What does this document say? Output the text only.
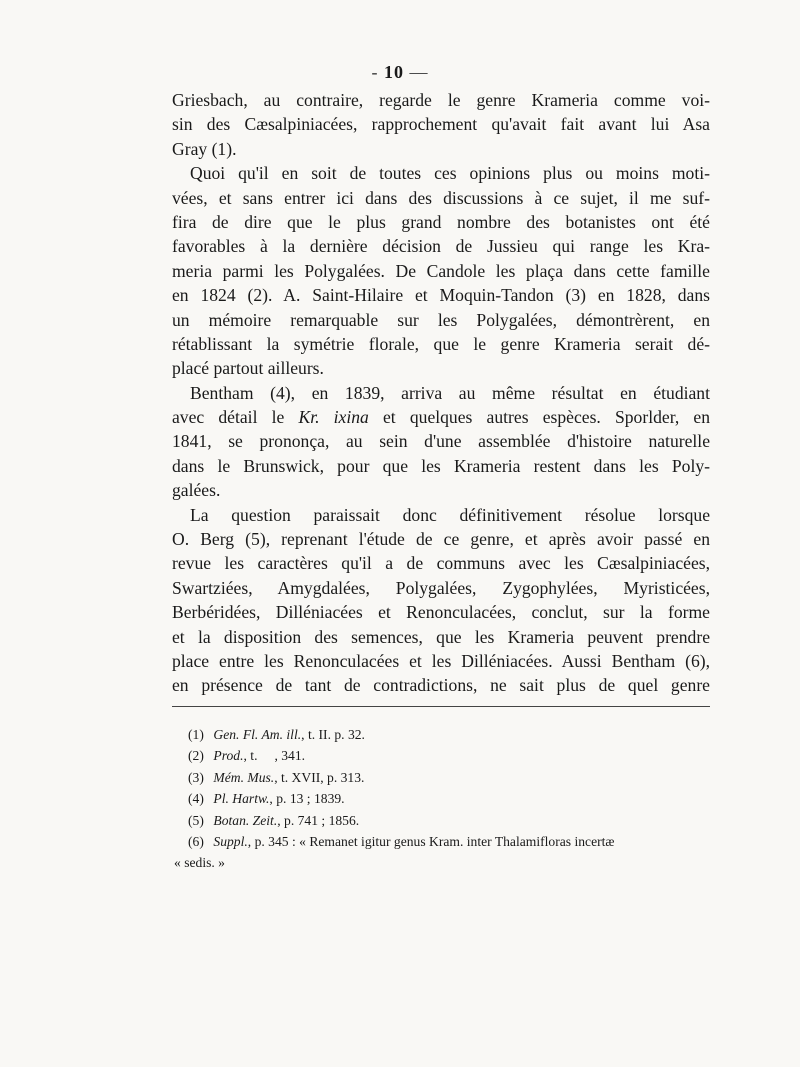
- 10 —

Griesbach, au contraire, regarde le genre Krameria comme voi-
sin des Cæsalpiniacées, rapprochement qu'avait fait avant lui Asa
Gray (1).

Quoi qu'il en soit de toutes ces opinions plus ou moins moti-
vées, et sans entrer ici dans des discussions à ce sujet, il me suf-
fira de dire que le plus grand nombre des botanistes ont été
favorables à la dernière décision de Jussieu qui range les Kra-
meria parmi les Polygalées. De Candole les plaça dans cette famille
en 1824 (2). A. Saint-Hilaire et Moquin-Tandon (3) en 1828, dans
un mémoire remarquable sur les Polygalées, démontrèrent, en
rétablissant la symétrie florale, que le genre Krameria serait dé-
placé partout ailleurs.

Bentham (4), en 1839, arriva au même résultat en étudiant
avec détail le Kr. ixina et quelques autres espèces. Sporlder, en
1841, se prononça, au sein d'une assemblée d'histoire naturelle
dans le Brunswick, pour que les Krameria restent dans les Poly-
galées.

La question paraissait donc définitivement résolue lorsque
O. Berg (5), reprenant l'étude de ce genre, et après avoir passé en
revue les caractères qu'il a de communs avec les Cæsalpiniacées,
Swartziées, Amygdalées, Polygalées, Zygophylées, Myristicées,
Berbéridées, Dilléniacées et Renonculacées, conclut, sur la forme
et la disposition des semences, que les Krameria peuvent prendre
place entre les Renonculacées et les Dilléniacées. Aussi Bentham (6),
en présence de tant de contradictions, ne sait plus de quel genre

(1) Gen. Fl. Am. ill., t. II. p. 32.
(2) Prod., t.     , 341.
(3) Mém. Mus., t. XVII, p. 313.
(4) Pl. Hartw., p. 13 ; 1839.
(5) Botan. Zeit., p. 741 ; 1856.
(6) Suppl., p. 345 : « Remanet igitur genus Kram. inter Thalamifloras incertæ
« sedis. »
